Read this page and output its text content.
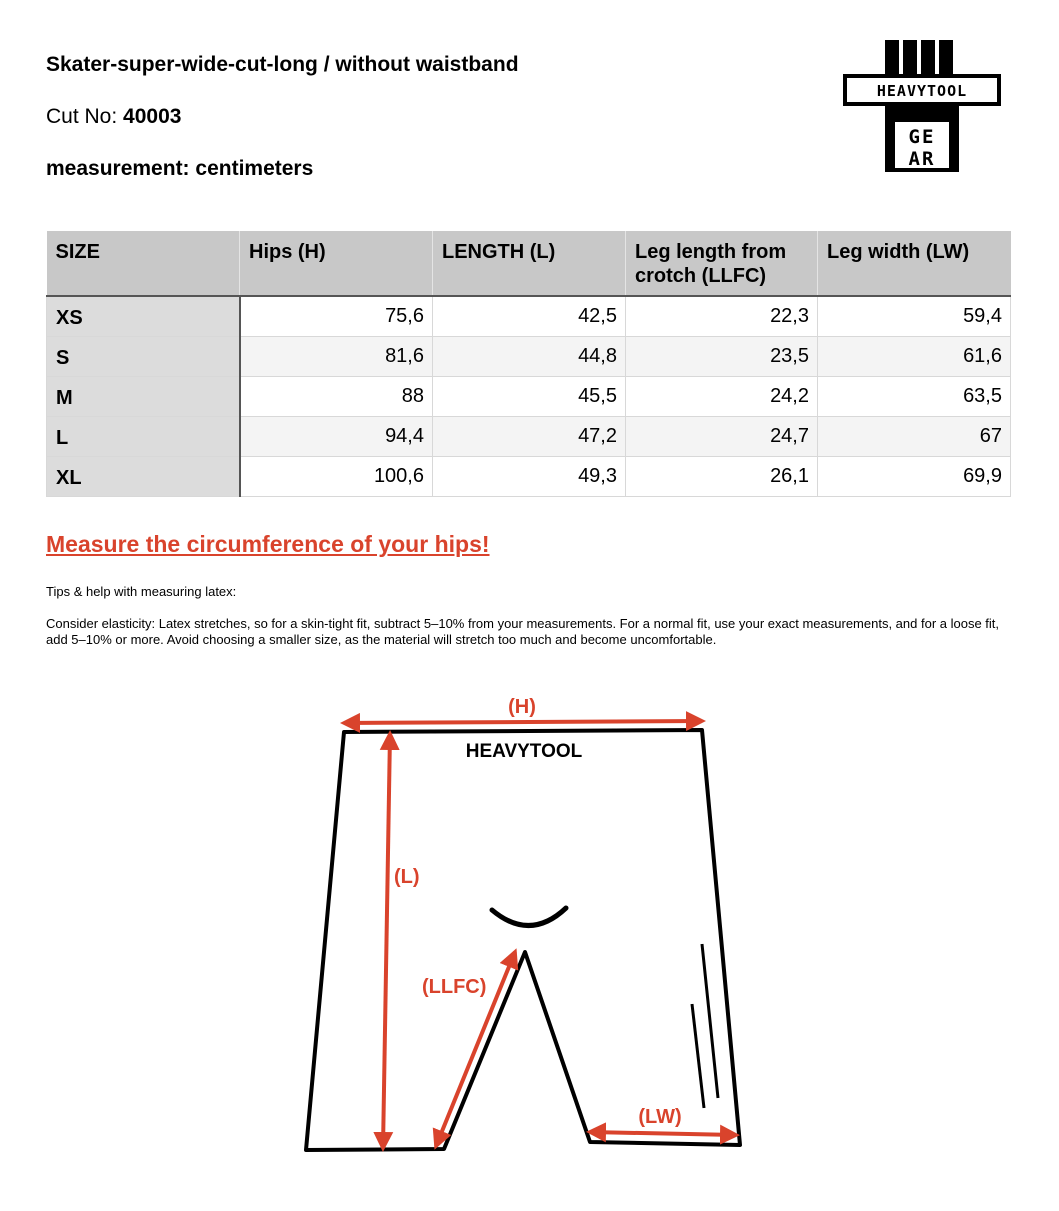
Skater-super-wide-cut-long / without waistband

Cut No: 40003

measurement: centimeters

HEAVYTOOL
GE
AR
SIZE	Hips (H)	LENGTH (L)	Leg length from crotch (LLFC)	Leg width (LW)
XS	75,6	42,5	22,3	59,4
S	81,6	44,8	23,5	61,6
M	88	45,5	24,2	63,5
L	94,4	47,2	24,7	67
XL	100,6	49,3	26,1	69,9

Measure the circumference of your hips!

Tips & help with measuring latex:

Consider elasticity: Latex stretches, so for a skin-tight fit, subtract 5–10% from your measurements. For a normal fit, use your exact measurements, and for a loose fit, add 5–10% or more. Avoid choosing a smaller size, as the material will stretch too much and become uncomfortable.

(H)
HEAVYTOOL
(L)
(LLFC)
(LW)
